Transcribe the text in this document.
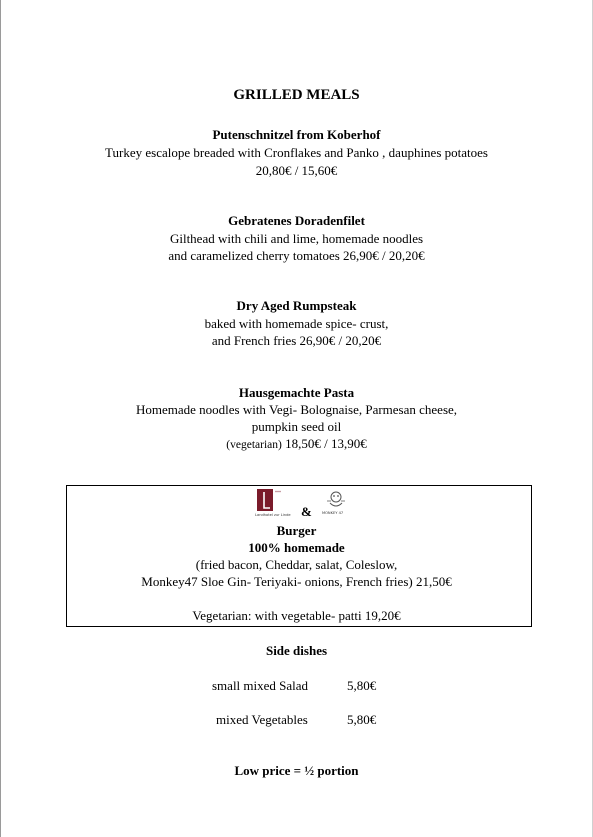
GRILLED MEALS
Putenschnitzel from Koberhof
Turkey escalope breaded with Cronflakes and Panko , dauphines potatoes
20,80€ / 15,60€
Gebratenes Doradenfilet
Gilthead with chili and lime, homemade noodles
and caramelized cherry tomatoes 26,90€ / 20,20€
Dry Aged Rumpsteak
baked with homemade spice- crust,
and French fries 26,90€ / 20,20€
Hausgemachte Pasta
Homemade noodles with Vegi- Bolognaise, Parmesan cheese,
pumpkin seed oil
(vegetarian) 18,50€ / 13,90€
***
Landhotel zur Linde &	MONKEY 47
Burger
100% homemade
(fried bacon, Cheddar, salat, Coleslow,
Monkey47 Sloe Gin- Teriyaki- onions, French fries) 21,50€
Vegetarian: with vegetable- patti 19,20€
Side dishes
small mixed Salad	5,80€
mixed Vegetables	5,80€
Low price = ½ portion
